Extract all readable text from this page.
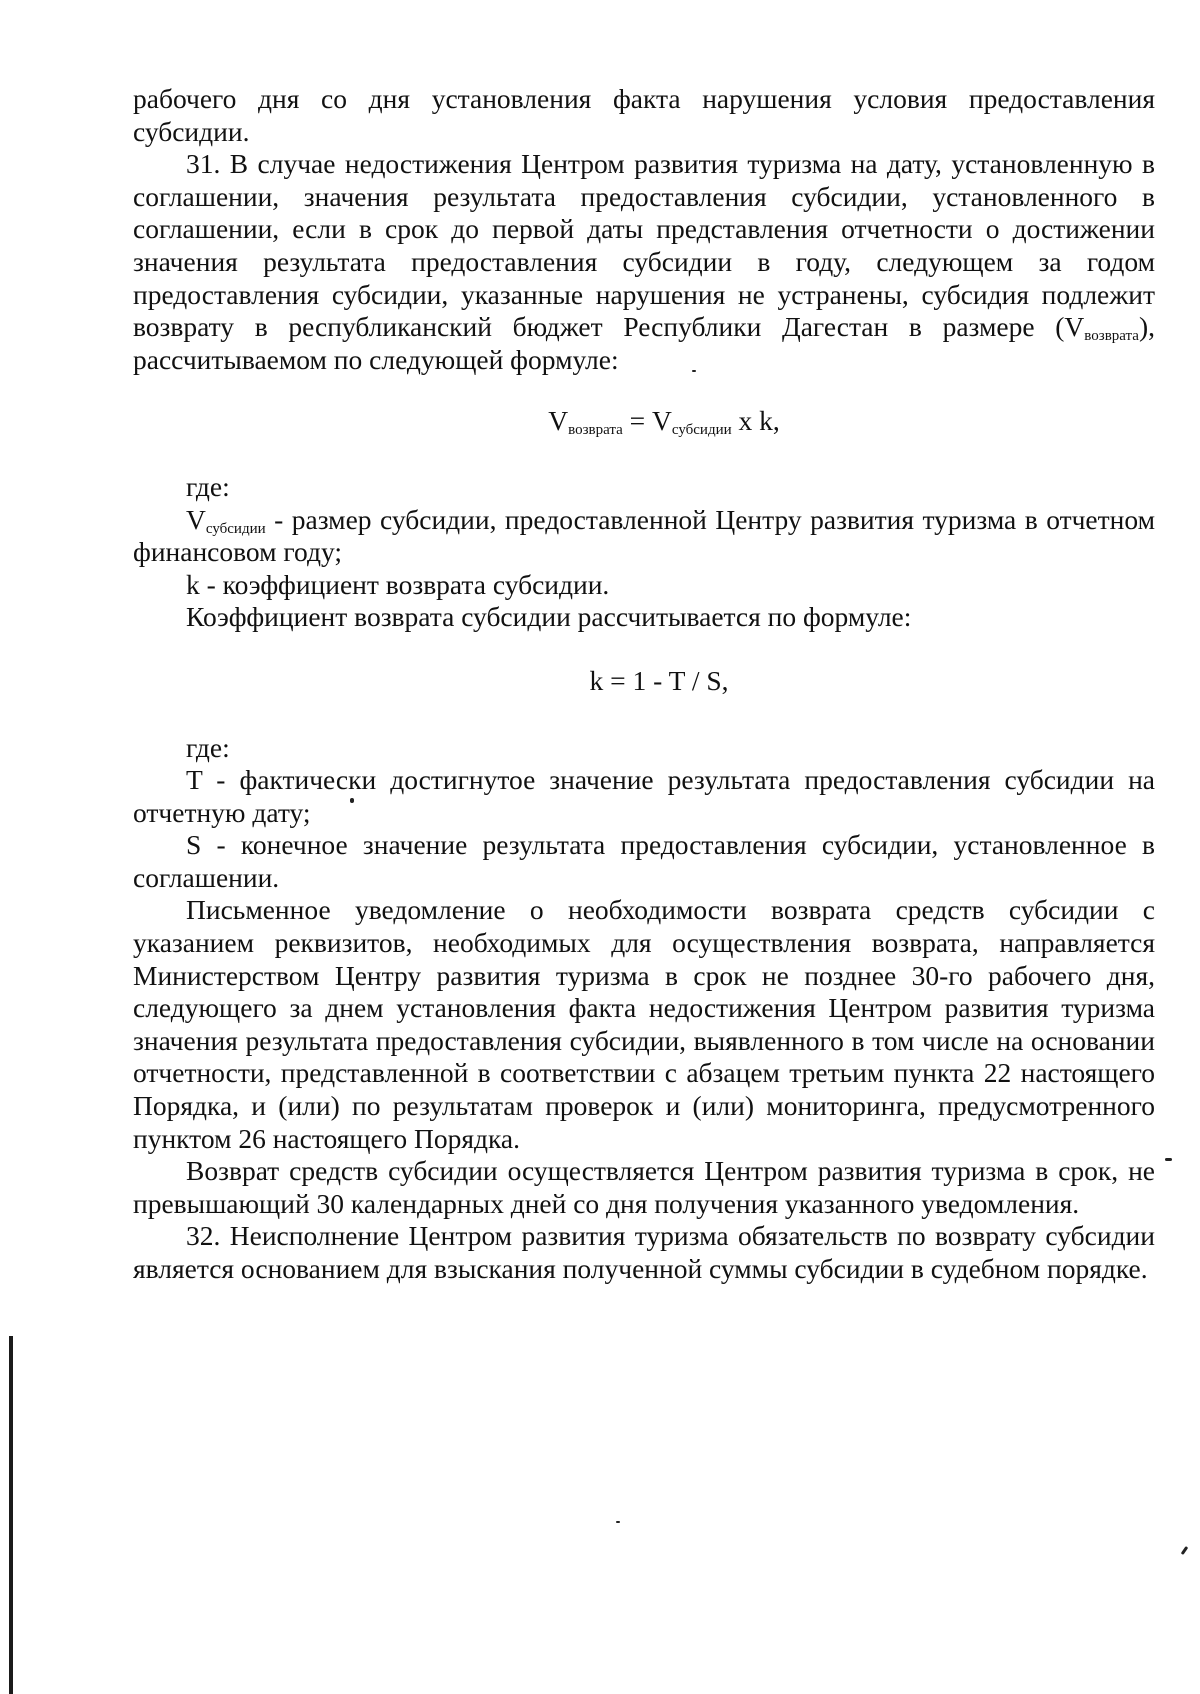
рабочего дня со дня установления факта нарушения условия предоставления субсидии.

31. В случае недостижения Центром развития туризма на дату, установленную в соглашении, значения результата предоставления субсидии, установленного в соглашении, если в срок до первой даты представления отчетности о достижении значения результата предоставления субсидии в году, следующем за годом предоставления субсидии, указанные нарушения не устранены, субсидия подлежит возврату в республиканский бюджет Республики Дагестан в размере $(V_{возврата})$, рассчитываемом по следующей формуле:

$V_{возврата} = V_{субсидии}$ x k,

где:

$V_{субсидии}$ - размер субсидии, предоставленной Центру развития туризма в отчетном финансовом году;

k - коэффициент возврата субсидии.

Коэффициент возврата субсидии рассчитывается по формуле:

k = 1 - T / S,

где:

T - фактически достигнутое значение результата предоставления субсидии на отчетную дату;

S - конечное значение результата предоставления субсидии, установленное в соглашении.

Письменное уведомление о необходимости возврата средств субсидии с указанием реквизитов, необходимых для осуществления возврата, направляется Министерством Центру развития туризма в срок не позднее 30-го рабочего дня, следующего за днем установления факта недостижения Центром развития туризма значения результата предоставления субсидии, выявленного в том числе на основании отчетности, представленной в соответствии с абзацем третьим пункта 22 настоящего Порядка, и (или) по результатам проверок и (или) мониторинга, предусмотренного пунктом 26 настоящего Порядка.

Возврат средств субсидии осуществляется Центром развития туризма в срок, не превышающий 30 календарных дней со дня получения указанного уведомления.

32. Неисполнение Центром развития туризма обязательств по возврату субсидии является основанием для взыскания полученной суммы субсидии в судебном порядке.
